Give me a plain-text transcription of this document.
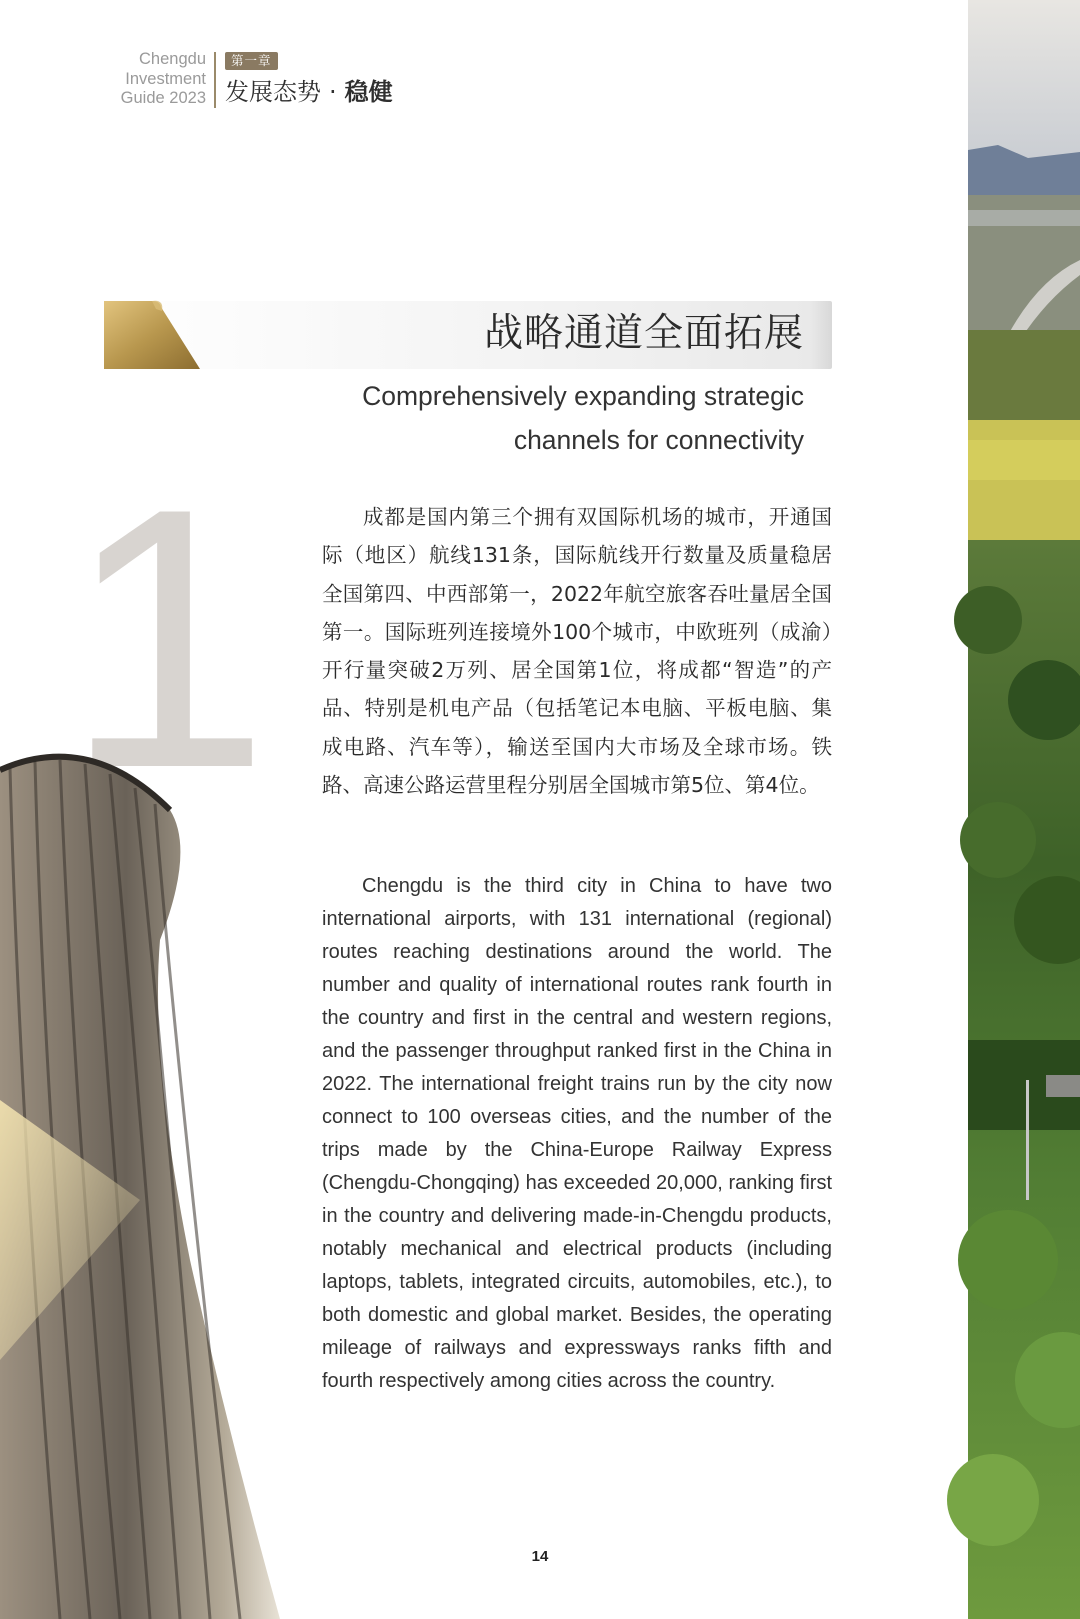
Chengdu
Investment
Guide 2023
第一章
发展态势 · 稳健
战略通道全面拓展
Comprehensively expanding strategic
channels for connectivity
1	成都是国内第三个拥有双国际机场的城市，开通国际（地区）航线131条，国际航线开行数量及质量稳居全国第四、中西部第一，2022年航空旅客吞吐量居全国第一。国际班列连接境外100个城市，中欧班列（成渝）开行量突破2万列、居全国第1位，将成都“智造”的产品、特别是机电产品（包括笔记本电脑、平板电脑、集成电路、汽车等），输送至国内大市场及全球市场。铁路、高速公路运营里程分别居全国城市第5位、第4位。

Chengdu is the third city in China to have two international airports, with 131 international (regional) routes reaching destinations around the world. The number and quality of international routes rank fourth in the country and first in the central and western regions, and the passenger throughput ranked first in the China in 2022. The international freight trains run by the city now connect to 100 overseas cities, and the number of the trips made by the China-Europe Railway Express (Chengdu-Chongqing) has exceeded 20,000, ranking first in the country and delivering made-in-Chengdu products, notably mechanical and electrical products (including laptops, tablets, integrated circuits, automobiles, etc.), to both domestic and global market. Besides, the operating mileage of railways and expressways ranks fifth and fourth respectively among cities across the country.

14
